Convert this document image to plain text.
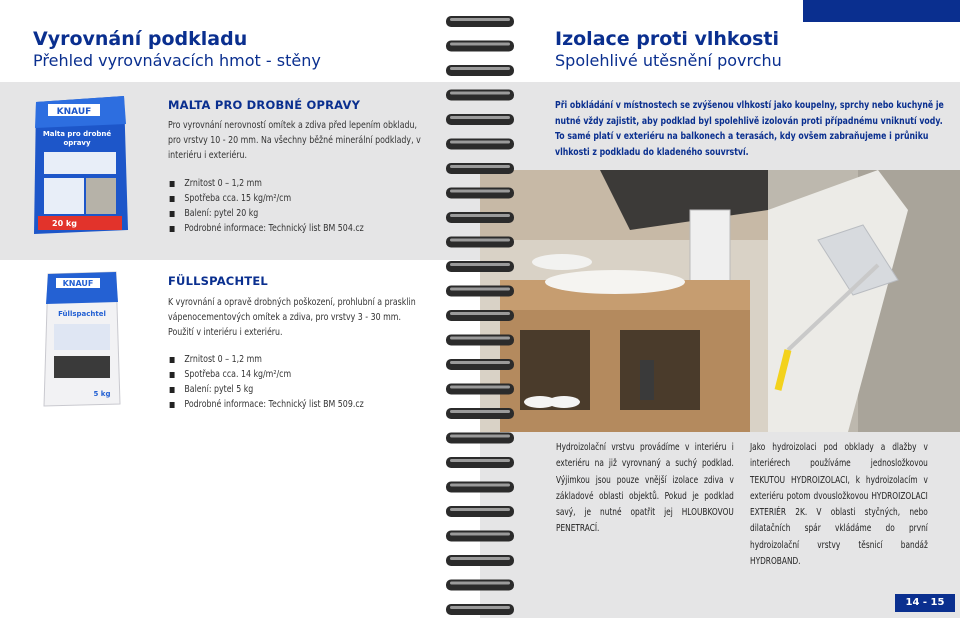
Vyrovnání podkladu
Přehled vyrovnávacích hmot - stěny
KNAUF
Malta pro drobné
opravy
20 kg
MALTA PRO DROBNÉ OPRAVY
Pro vyrovnání nerovností omítek a zdiva před lepením obkladu, pro vrstvy 10 - 20 mm. Na všechny běžné minerální podklady, v interiéru i exteriéru.
Zrnitost 0 – 1,2 mm
Spotřeba cca. 15 kg/m²/cm
Balení: pytel 20 kg
Podrobné informace: Technický list BM 504.cz
KNAUF
Füllspachtel
5 kg
FÜLLSPACHTEL
K vyrovnání a opravě drobných poškození, prohlubní a prasklin vápenocementových omítek a zdiva, pro vrstvy 3 - 30 mm. Použití v interiéru i exteriéru.
Zrnitost 0 – 1,2 mm
Spotřeba cca. 14 kg/m²/cm
Balení: pytel 5 kg
Podrobné informace: Technický list BM 509.cz
Izolace proti vlhkosti
Spolehlivé utěsnění povrchu
Při obkládání v místnostech se zvýšenou vlhkostí jako koupelny, sprchy nebo kuchyně je nutné vždy zajistit, aby podklad byl spolehlivě izolován proti případnému vniknutí vody. To samé platí v exteriéru na balkonech a terasách, kdy ovšem zabraňujeme i průniku vlhkosti z podkladu do kladeného souvrství.
Hydroizolační vrstvu provádíme v interiéru i exteriéru na již vyrovnaný a suchý podklad. Výjimkou jsou pouze vnější izolace zdiva v základové oblasti objektů. Pokud je podklad savý, je nutné opatřit jej HLOUBKOVOU PENETRACÍ.
Jako hydroizolaci pod obklady a dlažby v interiérech používáme jednosložkovou TEKUTOU HYDROIZOLACI, k hydroizolacím v exteriéru potom dvousložkovou HYDROIZOLACI EXTERIÉR 2K. V oblasti styčných, nebo dilatačních spár vkládáme do první hydroizolační vrstvy těsnicí bandáž HYDROBAND.
14 - 15
